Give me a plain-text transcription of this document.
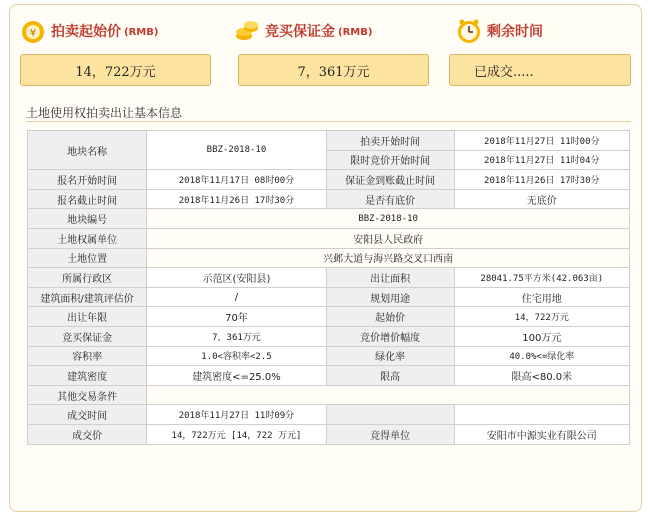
¥ 拍卖起始价 (RMB)	竞买保证金 (RMB)	剩余时间
14，722万元	7，361万元	已成交.....
土地使用权拍卖出让基本信息
地块名称	BBZ-2018-10	拍卖开始时间	2018年11月27日 11时00分
		限时竞价开始时间	2018年11月27日 11时04分
报名开始时间	2018年11月17日 08时00分	保证金到账截止时间	2018年11月26日 17时30分
报名截止时间	2018年11月26日 17时30分	是否有底价	无底价
地块编号	BBZ-2018-10		
土地权属单位	安阳县人民政府		
土地位置	兴邺大道与海兴路交叉口西南		
所属行政区	示范区(安阳县)	出让面积	28041.75平方米(42.063亩)
建筑面积/建筑评估价	/	规划用途	住宅用地
出让年限	70年	起始价	14，722万元
竞买保证金	7，361万元	竞价增价幅度	100万元
容积率	1.0<容积率<2.5	绿化率	40.0%<=绿化率
建筑密度	建筑密度<=25.0%	限高	限高<80.0米
其他交易条件			
成交时间	2018年11月27日 11时09分		
成交价	14，722万元 [14，722 万元]	竞得单位	安阳市中源实业有限公司
